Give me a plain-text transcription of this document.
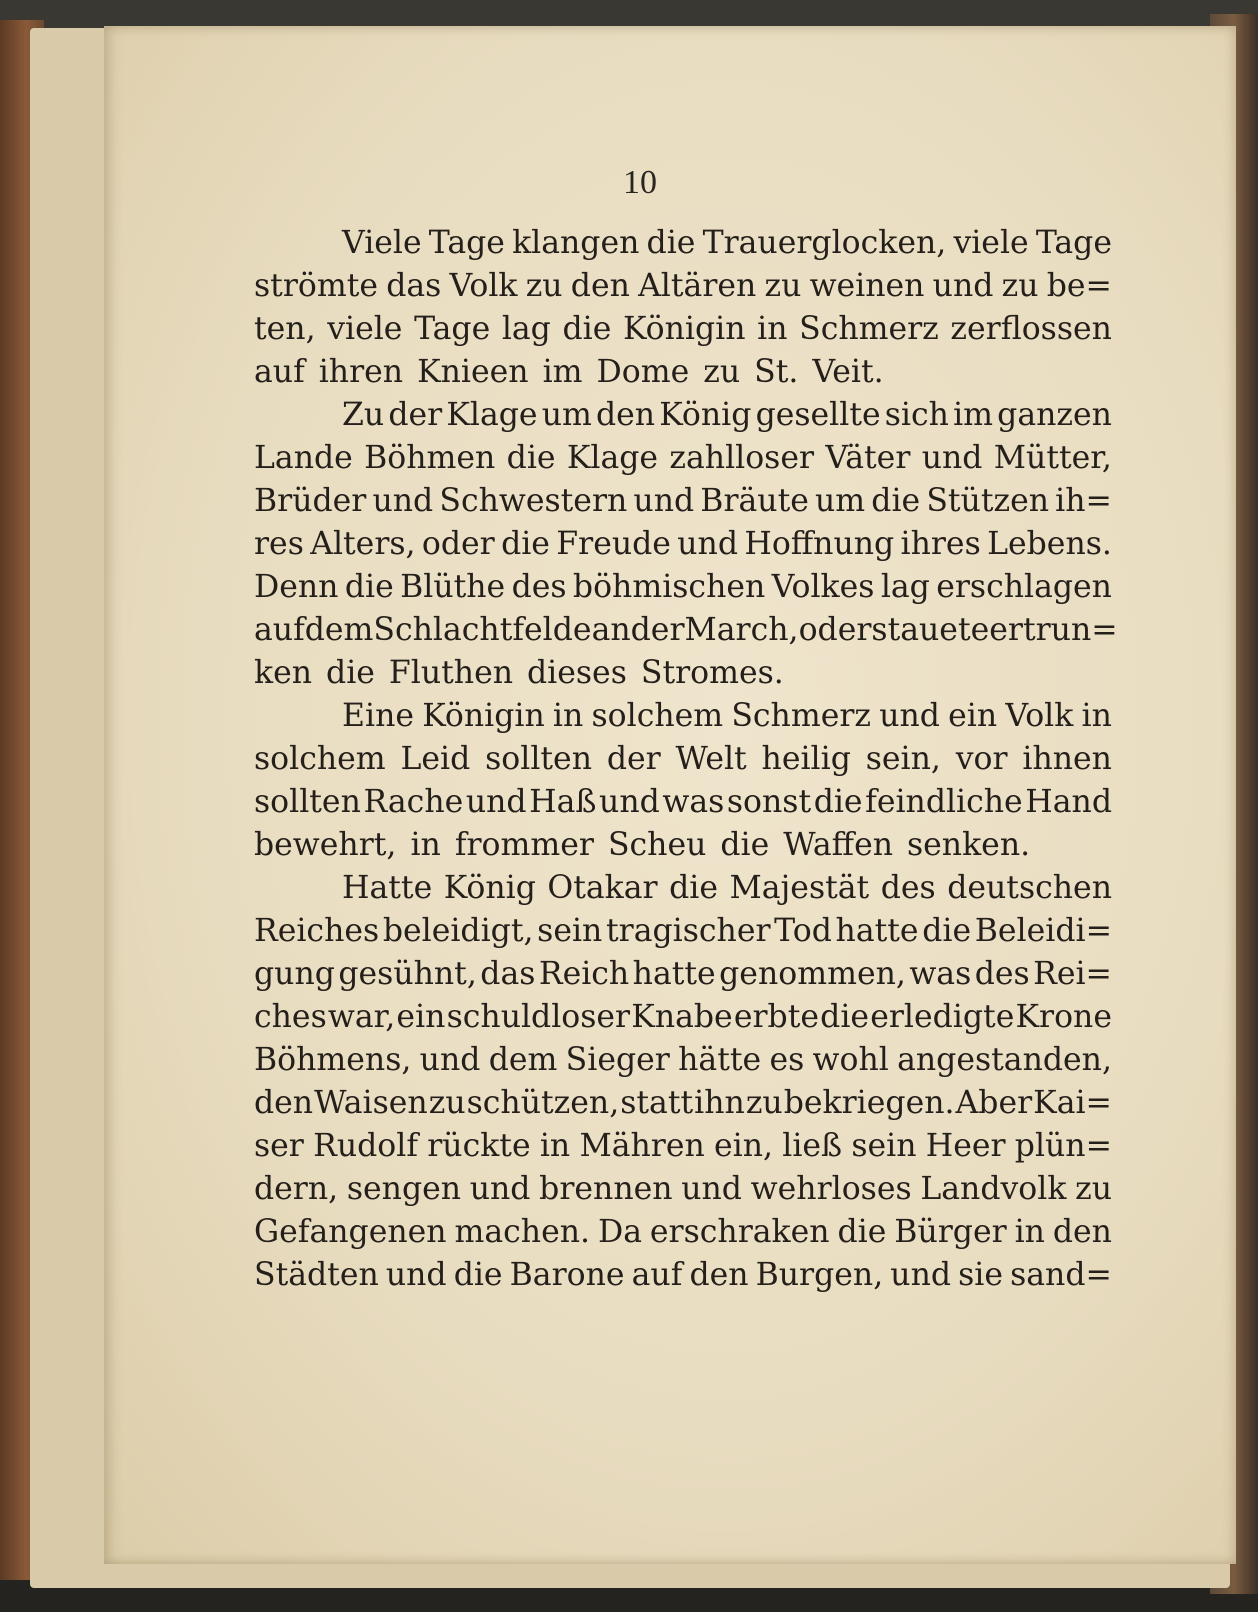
10
Viele Tage klangen die Trauerglocken, viele Tage
strömte das Volk zu den Altären zu weinen und zu be=
ten, viele Tage lag die Königin in Schmerz zerflossen
auf ihren Knieen im Dome zu St. Veit.
Zu der Klage um den König gesellte sich im ganzen
Lande Böhmen die Klage zahlloser Väter und Mütter,
Brüder und Schwestern und Bräute um die Stützen ih=
res Alters, oder die Freude und Hoffnung ihres Lebens.
Denn die Blüthe des böhmischen Volkes lag erschlagen
auf dem Schlachtfelde an der March, oder stauete ertrun=
ken die Fluthen dieses Stromes.
Eine Königin in solchem Schmerz und ein Volk in
solchem Leid sollten der Welt heilig sein, vor ihnen
sollten Rache und Haß und was sonst die feindliche Hand
bewehrt, in frommer Scheu die Waffen senken.
Hatte König Otakar die Majestät des deutschen
Reiches beleidigt, sein tragischer Tod hatte die Beleidi=
gung gesühnt, das Reich hatte genommen, was des Rei=
ches war, ein schuldloser Knabe erbte die erledigte Krone
Böhmens, und dem Sieger hätte es wohl angestanden,
den Waisen zu schützen, statt ihn zu bekriegen. Aber Kai=
ser Rudolf rückte in Mähren ein, ließ sein Heer plün=
dern, sengen und brennen und wehrloses Landvolk zu
Gefangenen machen. Da erschraken die Bürger in den
Städten und die Barone auf den Burgen, und sie sand=
